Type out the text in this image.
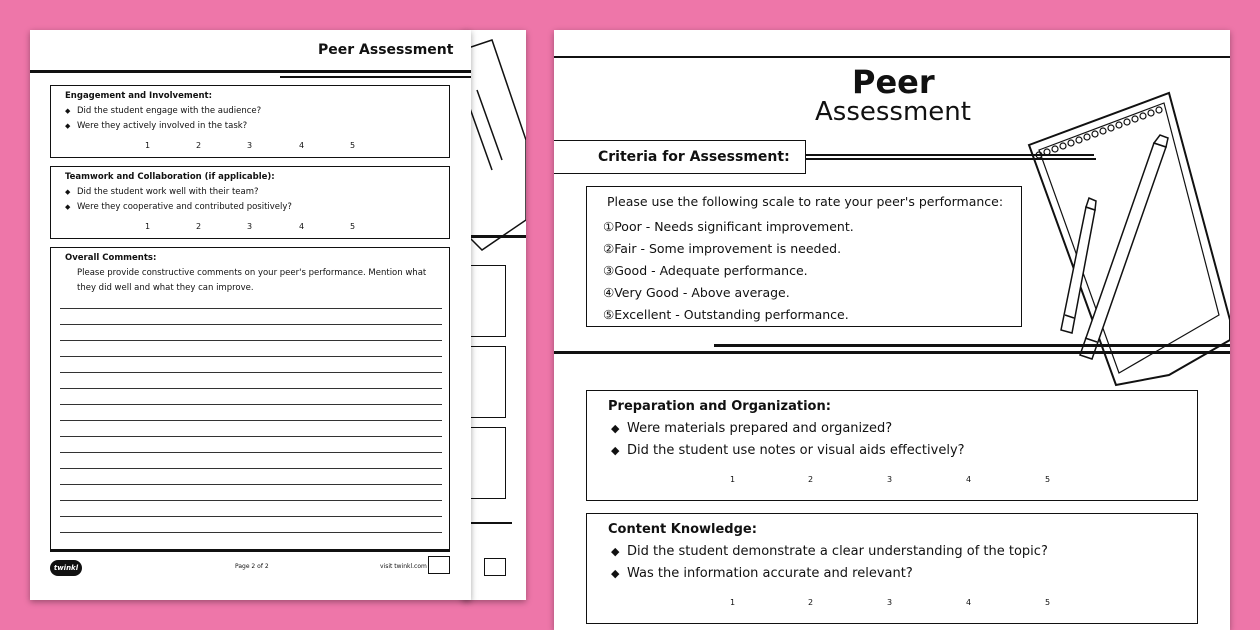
Peer Assessment
Engagement and Involvement:
◆ Did the student engage with the audience?
◆ Were they actively involved in the task?
1	2	3	4	5
Teamwork and Collaboration (if applicable):
◆ Did the student work well with their team?
◆ Were they cooperative and contributed positively?
1	2	3	4	5
Overall Comments:
Please provide constructive comments on your peer's performance. Mention what they did well and what they can improve.
twinkl	Page 2 of 2	visit twinkl.com
Peer
Assessment
Criteria for Assessment:
Please use the following scale to rate your peer's performance:
①Poor - Needs significant improvement.
②Fair - Some improvement is needed.
③Good - Adequate performance.
④Very Good - Above average.
⑤Excellent - Outstanding performance.
Preparation and Organization:
◆ Were materials prepared and organized?
◆ Did the student use notes or visual aids effectively?
1	2	3	4	5
Content Knowledge:
◆ Did the student demonstrate a clear understanding of the topic?
◆ Was the information accurate and relevant?
1	2	3	4	5
